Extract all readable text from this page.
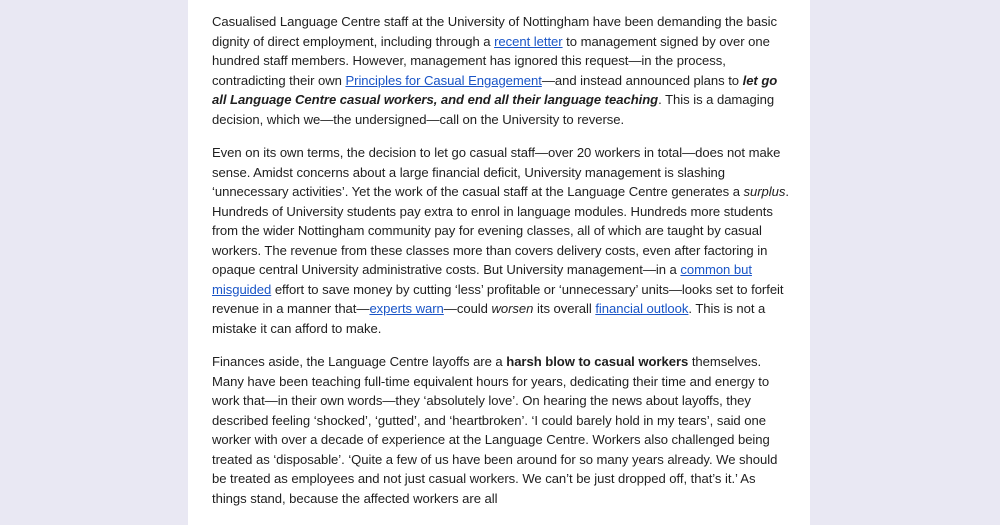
Casualised Language Centre staff at the University of Nottingham have been demanding the basic dignity of direct employment, including through a recent letter to management signed by over one hundred staff members. However, management has ignored this request—in the process, contradicting their own Principles for Casual Engagement—and instead announced plans to let go all Language Centre casual workers, and end all their language teaching. This is a damaging decision, which we—the undersigned—call on the University to reverse.

Even on its own terms, the decision to let go casual staff—over 20 workers in total—does not make sense. Amidst concerns about a large financial deficit, University management is slashing ‘unnecessary activities’. Yet the work of the casual staff at the Language Centre generates a surplus. Hundreds of University students pay extra to enrol in language modules. Hundreds more students from the wider Nottingham community pay for evening classes, all of which are taught by casual workers. The revenue from these classes more than covers delivery costs, even after factoring in opaque central University administrative costs. But University management—in a common but misguided effort to save money by cutting ‘less’ profitable or ‘unnecessary’ units—looks set to forfeit revenue in a manner that—experts warn—could worsen its overall financial outlook. This is not a mistake it can afford to make.

Finances aside, the Language Centre layoffs are a harsh blow to casual workers themselves. Many have been teaching full-time equivalent hours for years, dedicating their time and energy to work that—in their own words—they ‘absolutely love’. On hearing the news about layoffs, they described feeling ‘shocked’, ‘gutted’, and ‘heartbroken’. ‘I could barely hold in my tears’, said one worker with over a decade of experience at the Language Centre. Workers also challenged being treated as ‘disposable’. ‘Quite a few of us have been around for so many years already. We should be treated as employees and not just casual workers. We can’t be just dropped off, that’s it.’ As things stand, because the affected workers are all
